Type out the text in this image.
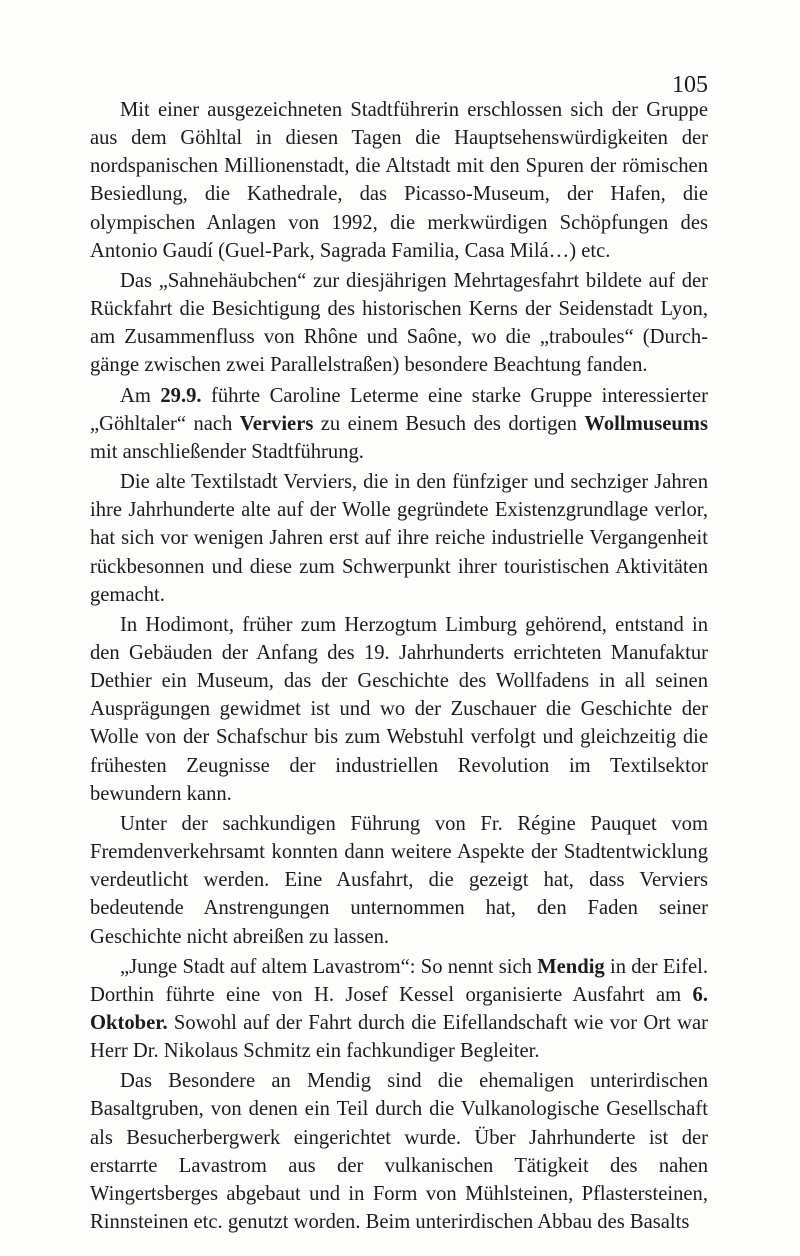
105

Mit einer ausgezeichneten Stadtführerin erschlossen sich der Gruppe aus dem Göhltal in diesen Tagen die Hauptsehenswürdigkeiten der nordspanischen Millionenstadt, die Altstadt mit den Spuren der römischen Besiedlung, die Kathedrale, das Picasso-Museum, der Hafen, die olympischen Anlagen von 1992, die merkwürdigen Schöpfungen des Antonio Gaudí (Guel-Park, Sagrada Familia, Casa Milá…) etc.

Das „Sahnehäubchen“ zur diesjährigen Mehrtagesfahrt bildete auf der Rückfahrt die Besichtigung des historischen Kerns der Seidenstadt Lyon, am Zusammenfluss von Rhône und Saône, wo die „traboules“ (Durchgänge zwischen zwei Parallelstraßen) besondere Beachtung fanden.

Am 29.9. führte Caroline Leterme eine starke Gruppe interessierter „Göhltaler“ nach Verviers zu einem Besuch des dortigen Wollmuseums mit anschließender Stadtführung.

Die alte Textilstadt Verviers, die in den fünfziger und sechziger Jahren ihre Jahrhunderte alte auf der Wolle gegründete Existenzgrundlage verlor, hat sich vor wenigen Jahren erst auf ihre reiche industrielle Vergangenheit rückbesonnen und diese zum Schwerpunkt ihrer touristischen Aktivitäten gemacht.

In Hodimont, früher zum Herzogtum Limburg gehörend, entstand in den Gebäuden der Anfang des 19. Jahrhunderts errichteten Manufaktur Dethier ein Museum, das der Geschichte des Wollfadens in all seinen Ausprägungen gewidmet ist und wo der Zuschauer die Geschichte der Wolle von der Schafschur bis zum Webstuhl verfolgt und gleichzeitig die frühesten Zeugnisse der industriellen Revolution im Textilsektor bewundern kann.

Unter der sachkundigen Führung von Fr. Régine Pauquet vom Fremdenverkehrsamt konnten dann weitere Aspekte der Stadtentwicklung verdeutlicht werden. Eine Ausfahrt, die gezeigt hat, dass Verviers bedeutende Anstrengungen unternommen hat, den Faden seiner Geschichte nicht abreißen zu lassen.

„Junge Stadt auf altem Lavastrom“: So nennt sich Mendig in der Eifel. Dorthin führte eine von H. Josef Kessel organisierte Ausfahrt am 6. Oktober. Sowohl auf der Fahrt durch die Eifellandschaft wie vor Ort war Herr Dr. Nikolaus Schmitz ein fachkundiger Begleiter.

Das Besondere an Mendig sind die ehemaligen unterirdischen Basaltgruben, von denen ein Teil durch die Vulkanologische Gesellschaft als Besucherbergwerk eingerichtet wurde. Über Jahrhunderte ist der erstarrte Lavastrom aus der vulkanischen Tätigkeit des nahen Wingertsberges abgebaut und in Form von Mühlsteinen, Pflastersteinen, Rinnsteinen etc. genutzt worden. Beim unterirdischen Abbau des Basalts
